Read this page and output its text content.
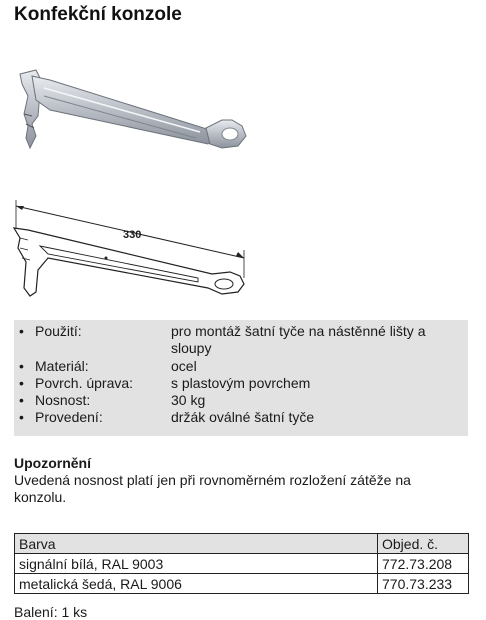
Konfekční konzole
330
• Použití:	pro montáž šatní tyče na nástěnné lišty a sloupy
• Materiál:	ocel
• Povrch. úprava:	s plastovým povrchem
• Nosnost:	30 kg
• Provedení:	držák oválné šatní tyče
Upozornění
Uvedená nosnost platí jen při rovnoměrném rozložení zátěže na konzolu.
Barva	Objed. č.
signální bílá, RAL 9003	772.73.208
metalická šedá, RAL 9006	770.73.233
Balení: 1 ks
